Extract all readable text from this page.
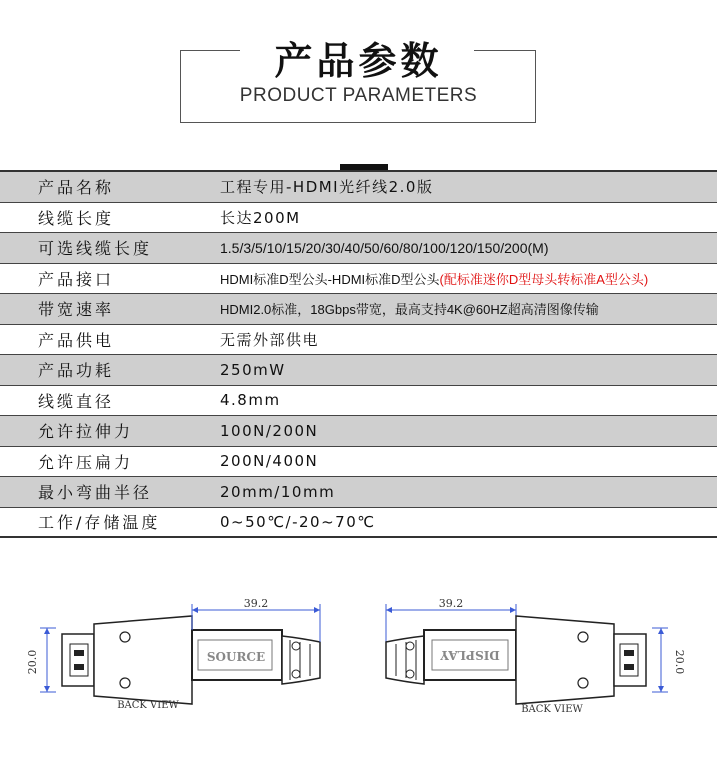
产品参数
PRODUCT PARAMETERS
产品名称	工程专用-HDMI光纤线2.0版
线缆长度	长达200M
可选线缆长度	1.5/3/5/10/15/20/30/40/50/60/80/100/120/150/200(M)
产品接口	HDMI标准D型公头-HDMI标准D型公头(配标准迷你D型母头转标准A型公头)
带宽速率	HDMI2.0标准，18Gbps带宽，最高支持4K@60HZ超高清图像传输
产品供电	无需外部供电
产品功耗	250mW
线缆直径	4.8mm
允许拉伸力	100N/200N
允许压扁力	200N/400N
最小弯曲半径	20mm/10mm
工作/存储温度	0~50℃/-20~70℃
20.0	SOURCE
39.2
BACK VIEW
39.2
DISPLAY	20.0
BACK VIEW
